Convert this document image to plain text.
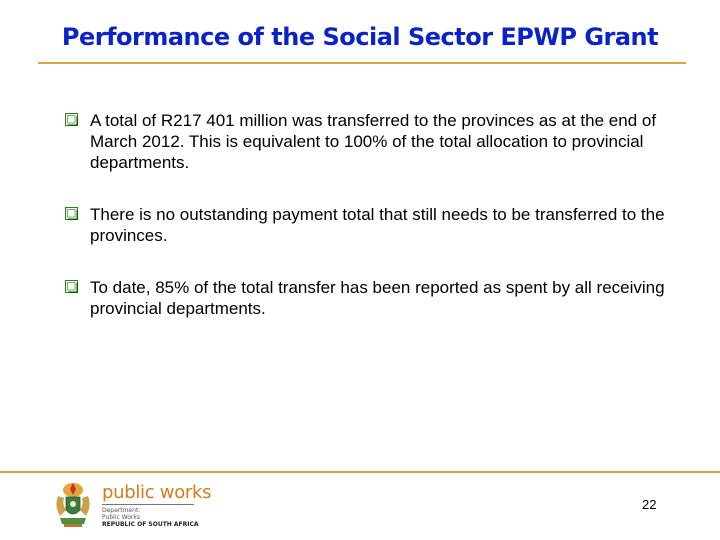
Performance of the Social Sector EPWP Grant
A total of R217 401 million was transferred to the provinces as at the end of March 2012. This is equivalent to 100% of the total allocation to provincial departments.
There is no outstanding payment total that still needs to be transferred to the provinces.
To date, 85% of the total transfer has been reported as spent by all receiving provincial departments.
public works
Department:
Public Works
REPUBLIC OF SOUTH AFRICA
22
